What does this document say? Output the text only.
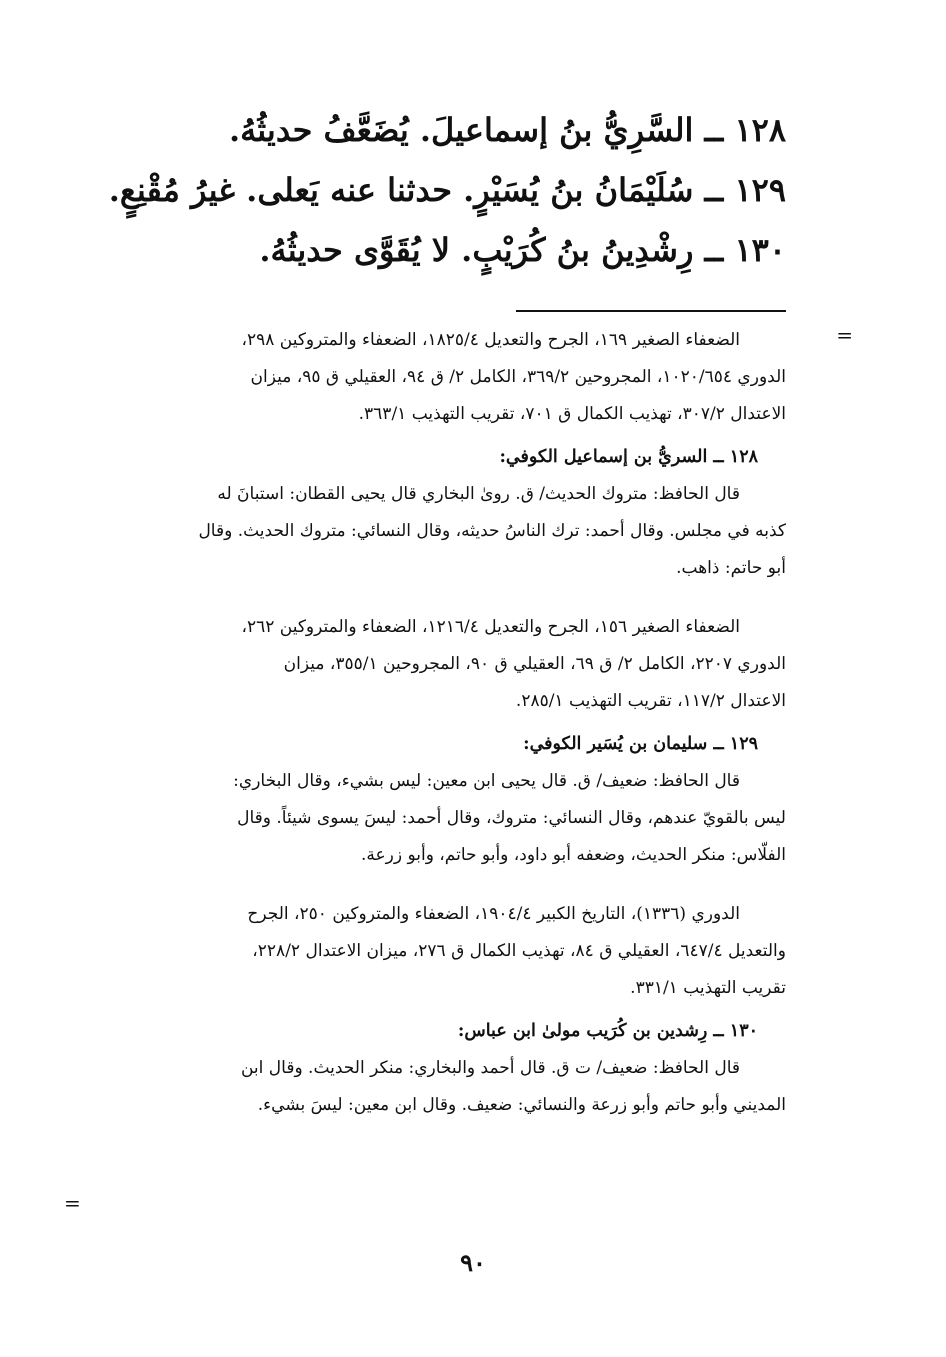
١٢٨ ــ السَّرِيُّ بنُ إسماعيلَ. يُضَعَّفُ حديثُهُ.
١٢٩ ــ سُلَيْمَانُ بنُ يُسَيْرٍ. حدثنا عنه يَعلى. غيرُ مُقْنِعٍ.
١٣٠ ــ رِشْدِينُ بنُ كُرَيْبٍ. لا يُقَوَّى حديثُهُ.
=
الضعفاء الصغير ١٦٩، الجرح والتعديل ١٨٢٥/٤، الضعفاء والمتروكين ٢٩٨،
الدوري ١٠٢٠/٦٥٤، المجروحين ٣٦٩/٢، الكامل ٢/ ق ٩٤، العقيلي ق ٩٥، ميزان
الاعتدال ٣٠٧/٢، تهذيب الكمال ق ٧٠١، تقريب التهذيب ٣٦٣/١.
١٢٨ ــ السريُّ بن إسماعيل الكوفي:
قال الحافظ: متروك الحديث/ ق. روىٰ البخاري قال يحيى القطان: استبانَ له
كذبه في مجلس. وقال أحمد: ترك الناسُ حديثه، وقال النسائي: متروك الحديث. وقال
أبو حاتم: ذاهب.
الضعفاء الصغير ١٥٦، الجرح والتعديل ١٢١٦/٤، الضعفاء والمتروكين ٢٦٢،
الدوري ٢٢٠٧، الكامل ٢/ ق ٦٩، العقيلي ق ٩٠، المجروحين ٣٥٥/١، ميزان
الاعتدال ١١٧/٢، تقريب التهذيب ٢٨٥/١.
١٢٩ ــ سليمان بن يُسَير الكوفي:
قال الحافظ: ضعيف/ ق. قال يحيى ابن معين: ليس بشيء، وقال البخاري:
ليس بالقويّ عندهم، وقال النسائي: متروك، وقال أحمد: ليسَ يسوى شيئاً. وقال
الفلّاس: منكر الحديث، وضعفه أبو داود، وأبو حاتم، وأبو زرعة.
الدوري (١٣٣٦)، التاريخ الكبير ١٩٠٤/٤، الضعفاء والمتروكين ٢٥٠، الجرح
والتعديل ٦٤٧/٤، العقيلي ق ٨٤، تهذيب الكمال ق ٢٧٦، ميزان الاعتدال ٢٢٨/٢،
تقريب التهذيب ٣٣١/١.
١٣٠ ــ رِشدين بن كُرَيب مولىٰ ابن عباس:
قال الحافظ: ضعيف/ ت ق. قال أحمد والبخاري: منكر الحديث. وقال ابن
المديني وأبو حاتم وأبو زرعة والنسائي: ضعيف. وقال ابن معين: ليسَ بشيء.
=
٩٠
